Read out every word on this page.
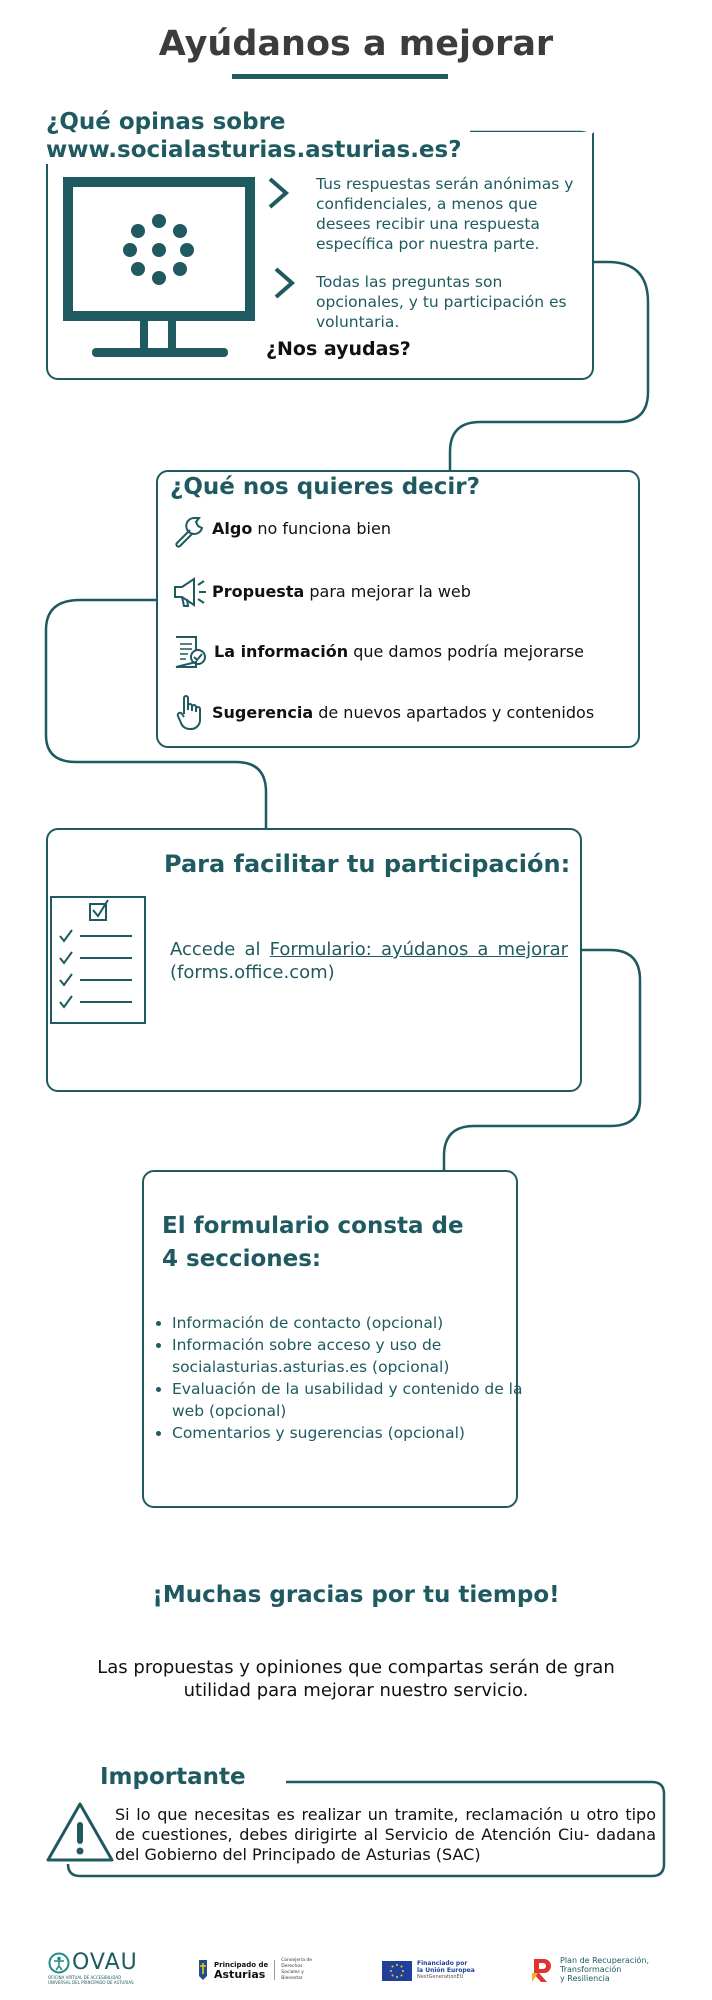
Ayúdanos a mejorar
¿Qué opinas sobre
www.socialasturias.asturias.es?
Tus respuestas serán anónimas y confidenciales, a menos que desees recibir una respuesta específica por nuestra parte.
Todas las preguntas son opcionales, y tu participación es voluntaria.
¿Nos ayudas?
¿Qué nos quieres decir?
Algo no funciona bien
Propuesta para mejorar la web
La información que damos podría mejorarse
Sugerencia de nuevos apartados y contenidos
Para facilitar tu participación:
Accede al Formulario: ayúdanos a mejorar (forms.office.com)
El formulario consta de 4 secciones:
• Información de contacto (opcional)
• Información sobre acceso y uso de socialasturias.asturias.es (opcional)
• Evaluación de la usabilidad y contenido de la web (opcional)
• Comentarios y sugerencias (opcional)
¡Muchas gracias por tu tiempo!
Las propuestas y opiniones que compartas serán de gran utilidad para mejorar nuestro servicio.
Importante
Si lo que necesitas es realizar un tramite, reclamación u otro tipo de cuestiones, debes dirigirte al Servicio de Atención Ciu- dadana del Gobierno del Principado de Asturias (SAC)
OVAU
OFICINA VIRTUAL DE ACCESIBILIDAD UNIVERSAL DEL PRINCIPADO DE ASTURIAS
Principado de
Asturias
Consejería de Derechos Sociales y Bienestar
Financiado por
la Unión Europea
NextGenerationEU
Plan de Recuperación,
Transformación
y Resiliencia
